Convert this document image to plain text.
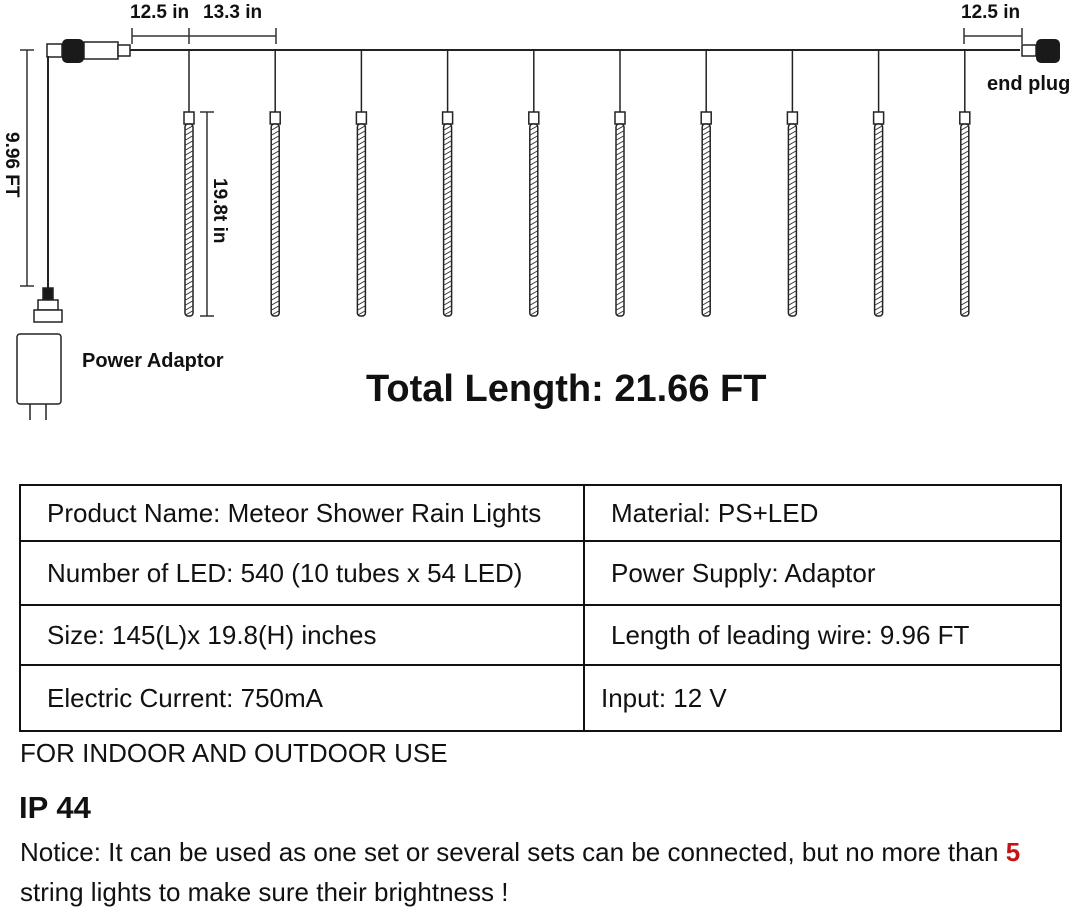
12.5 in 13.3 in	12.5 in
end plug
9.96 FT
Power Adaptor
19.8t in
Total Length: 21.66 FT
Product Name: Meteor Shower Rain Lights	Material: PS+LED
Number of LED: 540 (10 tubes x 54 LED)	Power Supply: Adaptor
Size: 145(L)x 19.8(H) inches	Length of leading wire: 9.96 FT
Electric Current: 750mA	Input: 12 V
FOR INDOOR AND OUTDOOR USE
IP 44
Notice: It can be used as one set or several sets can be connected, but no more than 5 string lights to make sure their brightness !
